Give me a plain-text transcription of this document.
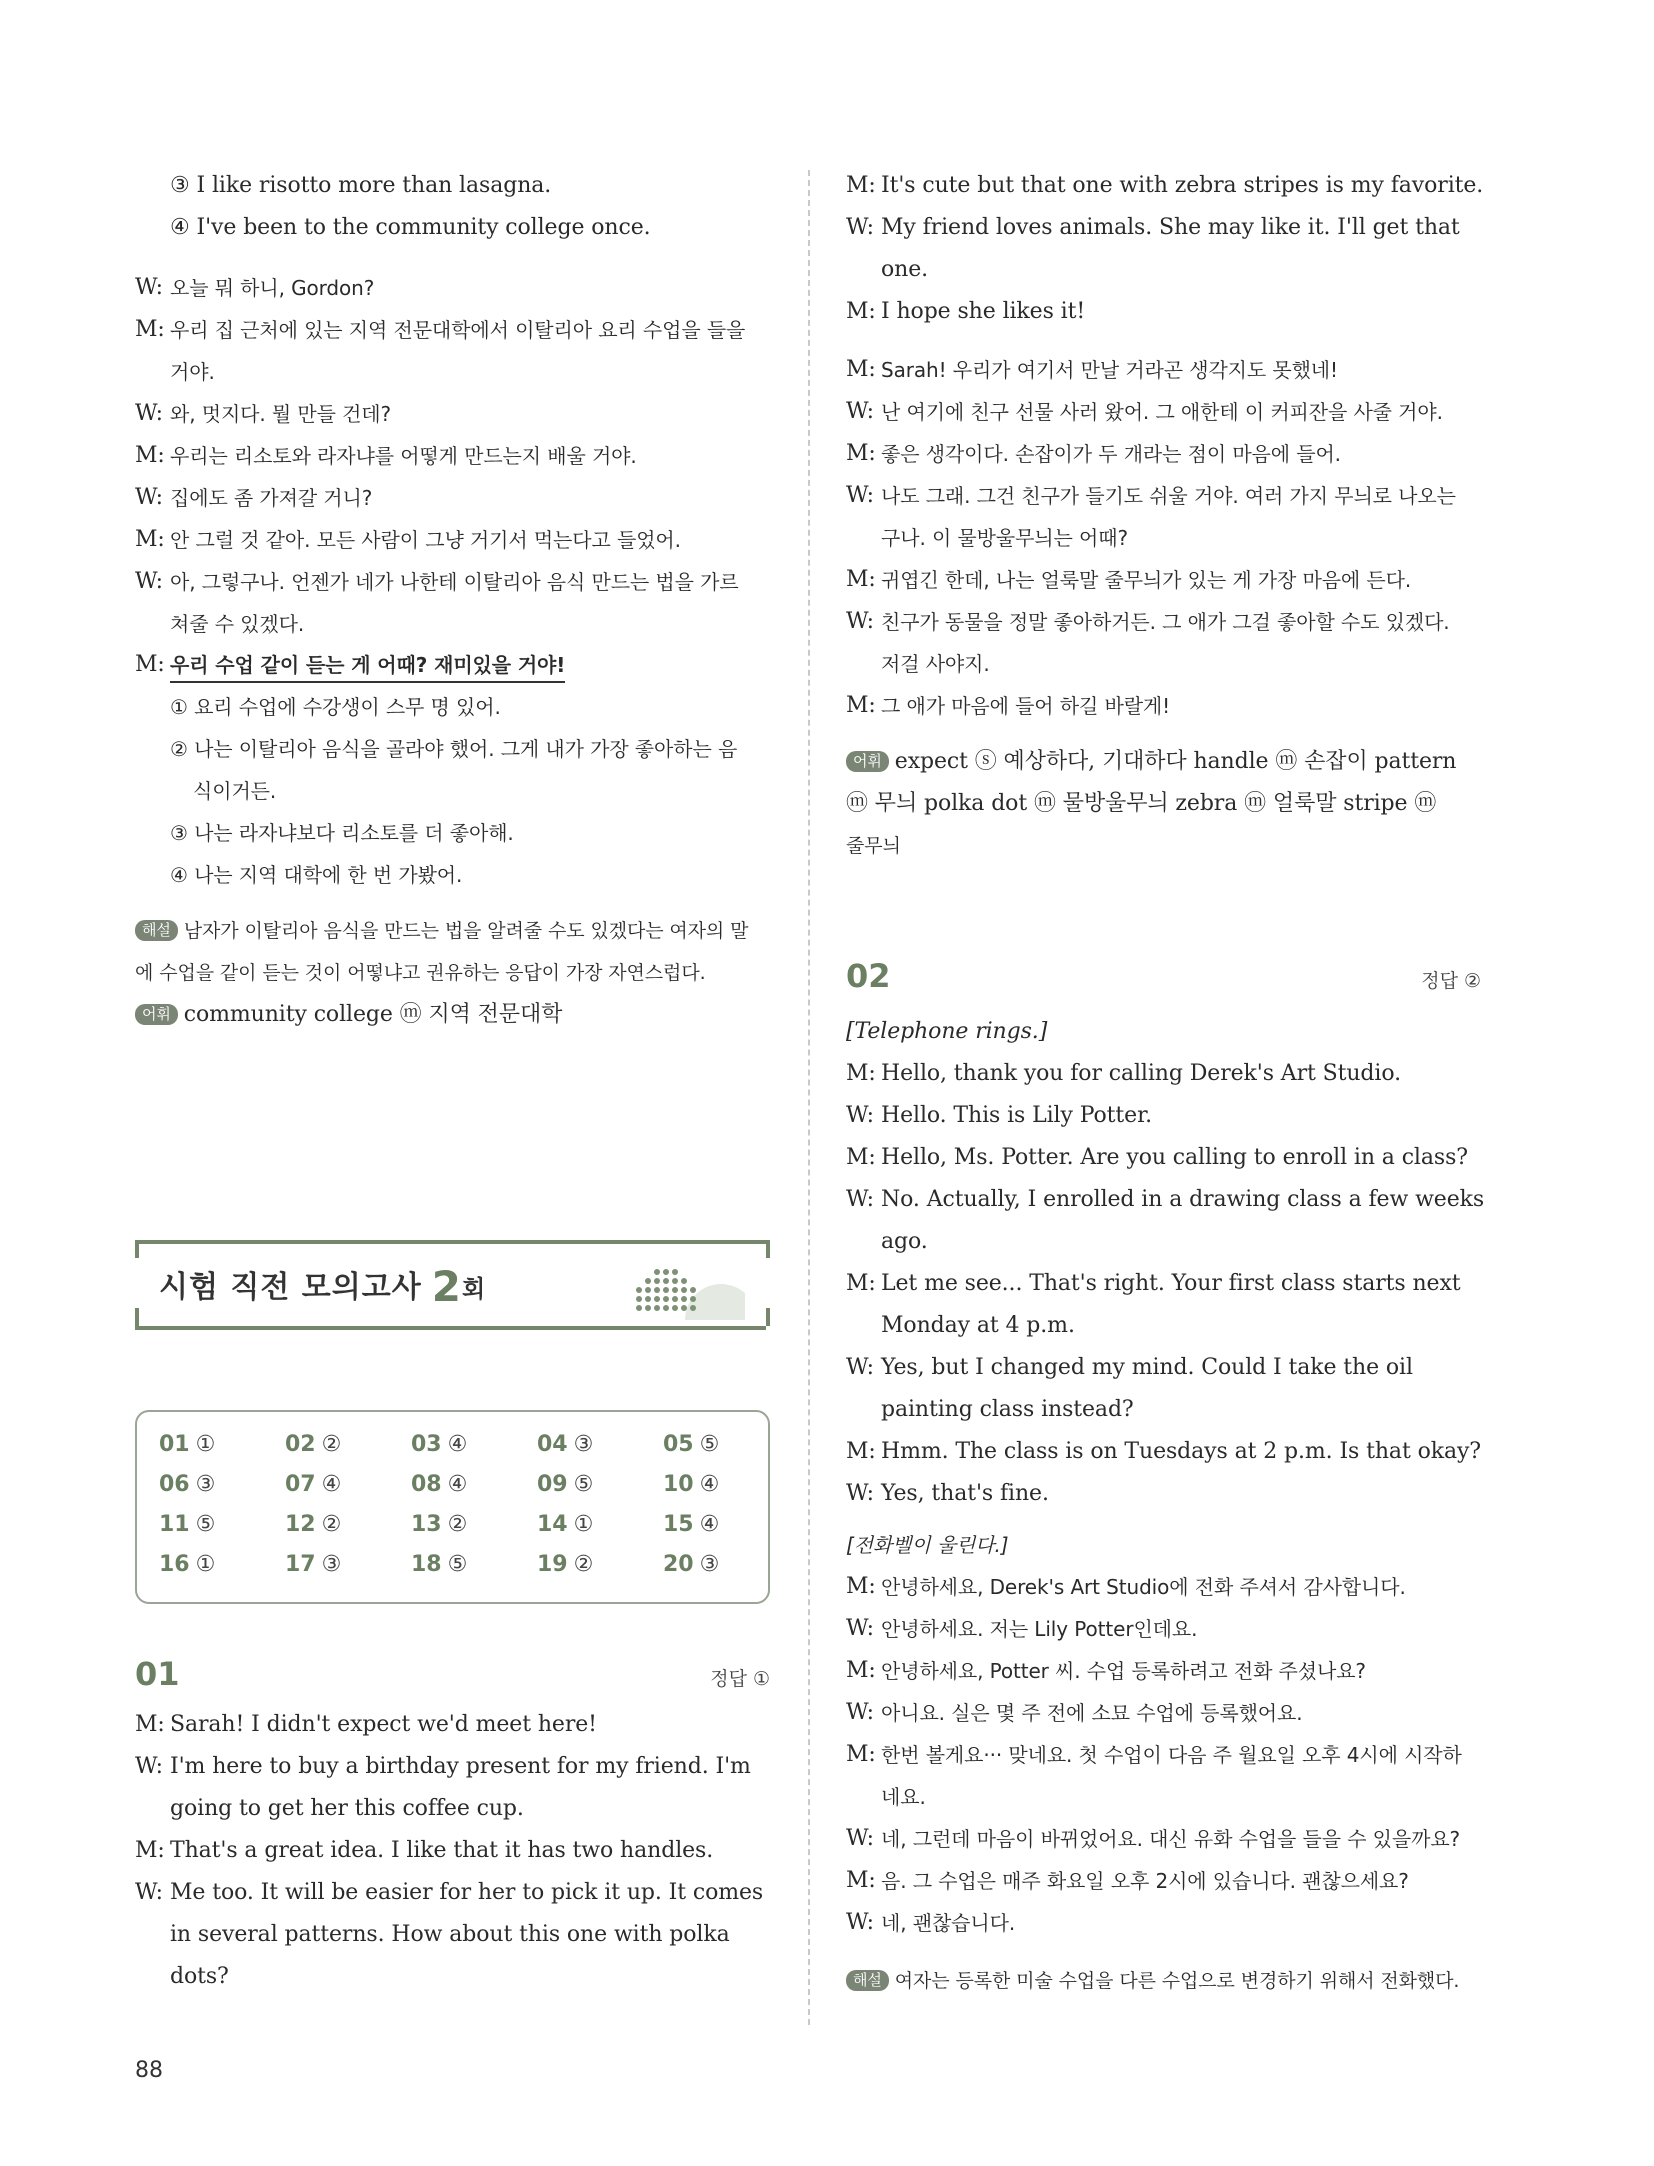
③ I like risotto more than lasagna.
④ I've been to the community college once.
W: 오늘 뭐 하니, Gordon?
M: 우리 집 근처에 있는 지역 전문대학에서 이탈리아 요리 수업을 들을
거야.
W: 와, 멋지다. 뭘 만들 건데?
M: 우리는 리소토와 라자냐를 어떻게 만드는지 배울 거야.
W: 집에도 좀 가져갈 거니?
M: 안 그럴 것 같아. 모든 사람이 그냥 거기서 먹는다고 들었어.
W: 아, 그렇구나. 언젠가 네가 나한테 이탈리아 음식 만드는 법을 가르
쳐줄 수 있겠다.
M: 우리 수업 같이 듣는 게 어때? 재미있을 거야!
① 요리 수업에 수강생이 스무 명 있어.
② 나는 이탈리아 음식을 골라야 했어. 그게 내가 가장 좋아하는 음
식이거든.
③ 나는 라자냐보다 리소토를 더 좋아해.
④ 나는 지역 대학에 한 번 가봤어.
해설 남자가 이탈리아 음식을 만드는 법을 알려줄 수도 있겠다는 여자의 말
에 수업을 같이 듣는 것이 어떻냐고 권유하는 응답이 가장 자연스럽다.
어휘 community college ⓜ 지역 전문대학
시험 직전 모의고사 2회
01 ①	02 ②	03 ④	04 ③	05 ⑤
06 ③	07 ④	08 ④	09 ⑤	10 ④
11 ⑤	12 ②	13 ②	14 ①	15 ④
16 ①	17 ③	18 ⑤	19 ②	20 ③
01	정답 ①
M: Sarah! I didn't expect we'd meet here!
W: I'm here to buy a birthday present for my friend. I'm
going to get her this coffee cup.
M: That's a great idea. I like that it has two handles.
W: Me too. It will be easier for her to pick it up. It comes
in several patterns. How about this one with polka
dots?
M: It's cute but that one with zebra stripes is my favorite.
W: My friend loves animals. She may like it. I'll get that
one.
M: I hope she likes it!
M: Sarah! 우리가 여기서 만날 거라곤 생각지도 못했네!
W: 난 여기에 친구 선물 사러 왔어. 그 애한테 이 커피잔을 사줄 거야.
M: 좋은 생각이다. 손잡이가 두 개라는 점이 마음에 들어.
W: 나도 그래. 그건 친구가 들기도 쉬울 거야. 여러 가지 무늬로 나오는
구나. 이 물방울무늬는 어때?
M: 귀엽긴 한데, 나는 얼룩말 줄무늬가 있는 게 가장 마음에 든다.
W: 친구가 동물을 정말 좋아하거든. 그 애가 그걸 좋아할 수도 있겠다.
저걸 사야지.
M: 그 애가 마음에 들어 하길 바랄게!
어휘 expect ⓢ 예상하다, 기대하다 handle ⓜ 손잡이 pattern
ⓜ 무늬 polka dot ⓜ 물방울무늬 zebra ⓜ 얼룩말 stripe ⓜ
줄무늬
02	정답 ②
[Telephone rings.]
M: Hello, thank you for calling Derek's Art Studio.
W: Hello. This is Lily Potter.
M: Hello, Ms. Potter. Are you calling to enroll in a class?
W: No. Actually, I enrolled in a drawing class a few weeks
ago.
M: Let me see... That's right. Your first class starts next
Monday at 4 p.m.
W: Yes, but I changed my mind. Could I take the oil
painting class instead?
M: Hmm. The class is on Tuesdays at 2 p.m. Is that okay?
W: Yes, that's fine.
[전화벨이 울린다.]
M: 안녕하세요, Derek's Art Studio에 전화 주셔서 감사합니다.
W: 안녕하세요. 저는 Lily Potter인데요.
M: 안녕하세요, Potter 씨. 수업 등록하려고 전화 주셨나요?
W: 아니요. 실은 몇 주 전에 소묘 수업에 등록했어요.
M: 한번 볼게요··· 맞네요. 첫 수업이 다음 주 월요일 오후 4시에 시작하
네요.
W: 네, 그런데 마음이 바뀌었어요. 대신 유화 수업을 들을 수 있을까요?
M: 음. 그 수업은 매주 화요일 오후 2시에 있습니다. 괜찮으세요?
W: 네, 괜찮습니다.
해설 여자는 등록한 미술 수업을 다른 수업으로 변경하기 위해서 전화했다.
88
